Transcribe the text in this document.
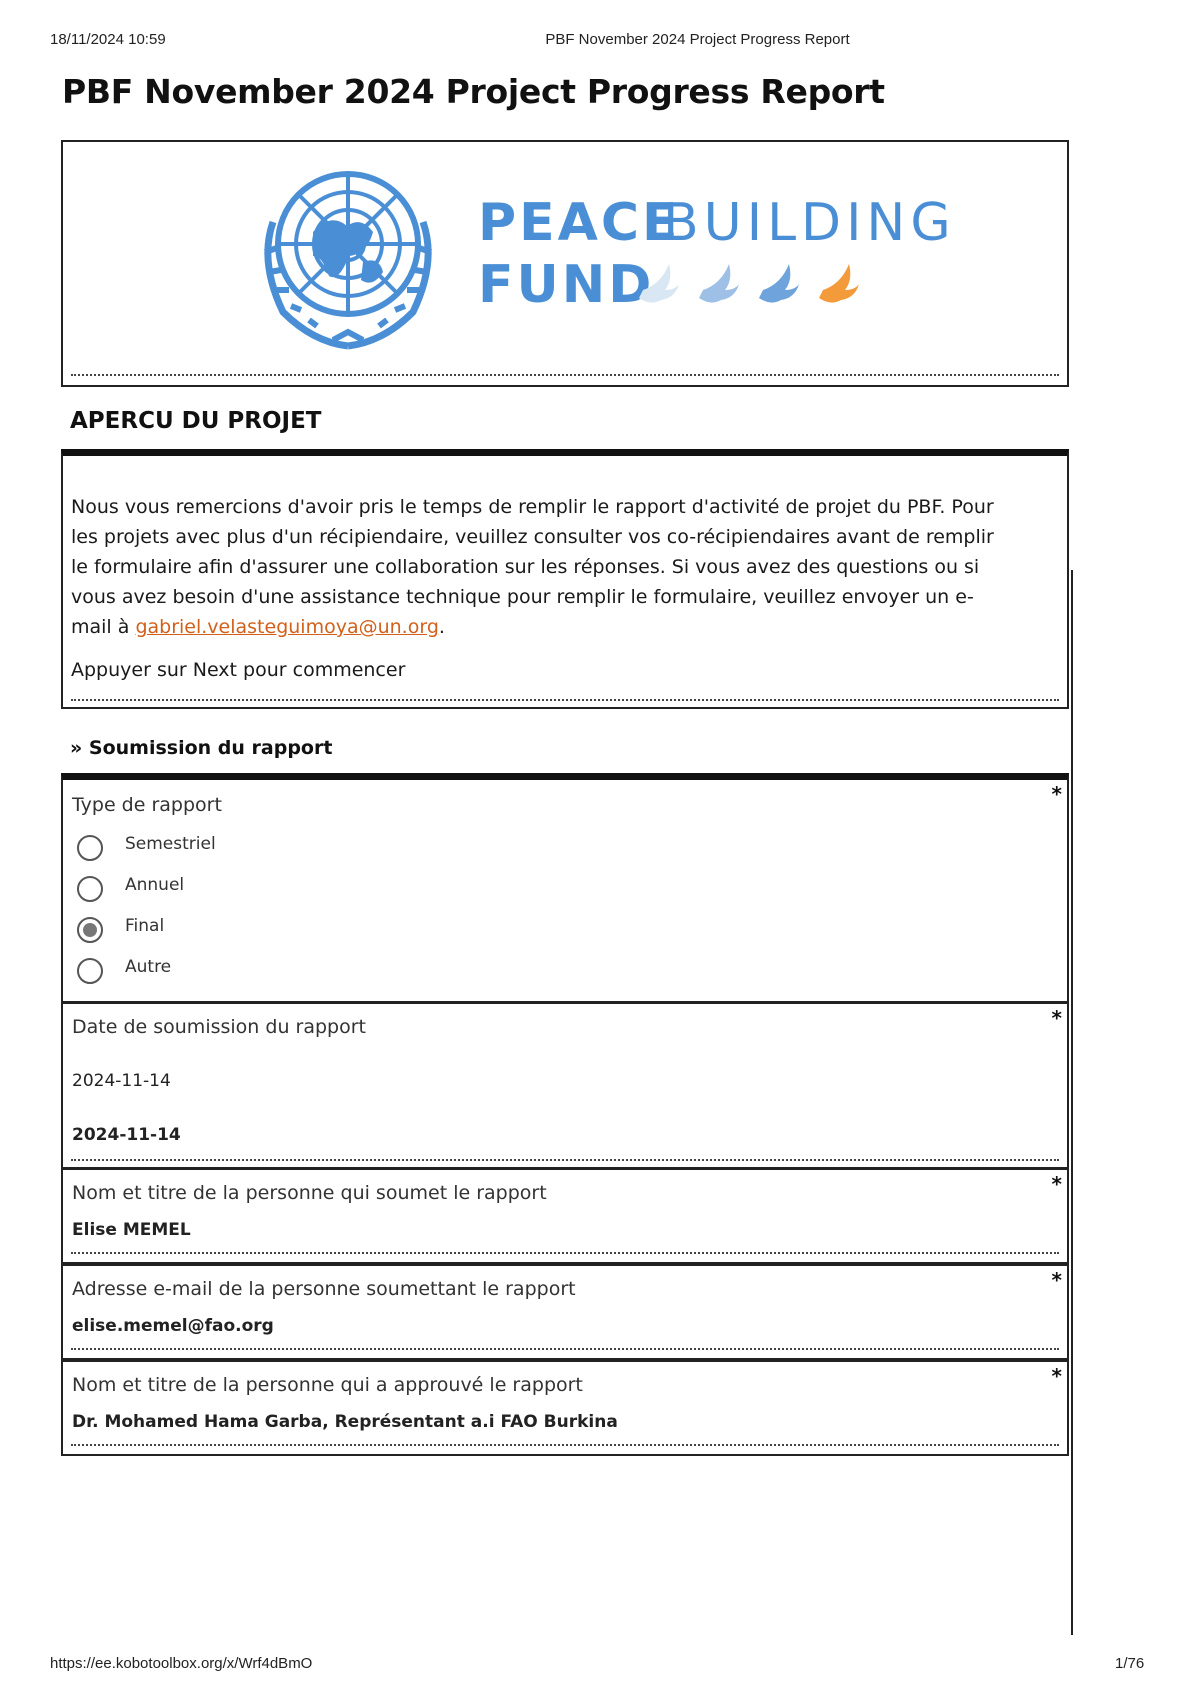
18/11/2024 10:59	PBF November 2024 Project Progress Report
PBF November 2024 Project Progress Report
PEACE
BUILDING
FUND
APERCU DU PROJET

Nous vous remercions d'avoir pris le temps de remplir le rapport d'activité de projet du PBF. Pour les projets avec plus d'un récipiendaire, veuillez consulter vos co-récipiendaires avant de remplir le formulaire afin d'assurer une collaboration sur les réponses. Si vous avez des questions ou si vous avez besoin d'une assistance technique pour remplir le formulaire, veuillez envoyer un e-mail à gabriel.velasteguimoya@un.org.

Appuyer sur Next pour commencer

» Soumission du rapport

Type de rapport	*
Semestriel
Annuel
Final
Autre

Date de soumission du rapport	*
2024-11-14
2024-11-14

Nom et titre de la personne qui soumet le rapport	*
Elise MEMEL

Adresse e-mail de la personne soumettant le rapport	*
elise.memel@fao.org

Nom et titre de la personne qui a approuvé le rapport	*
Dr. Mohamed Hama Garba, Représentant a.i FAO Burkina
https://ee.kobotoolbox.org/x/Wrf4dBmO	1/76
